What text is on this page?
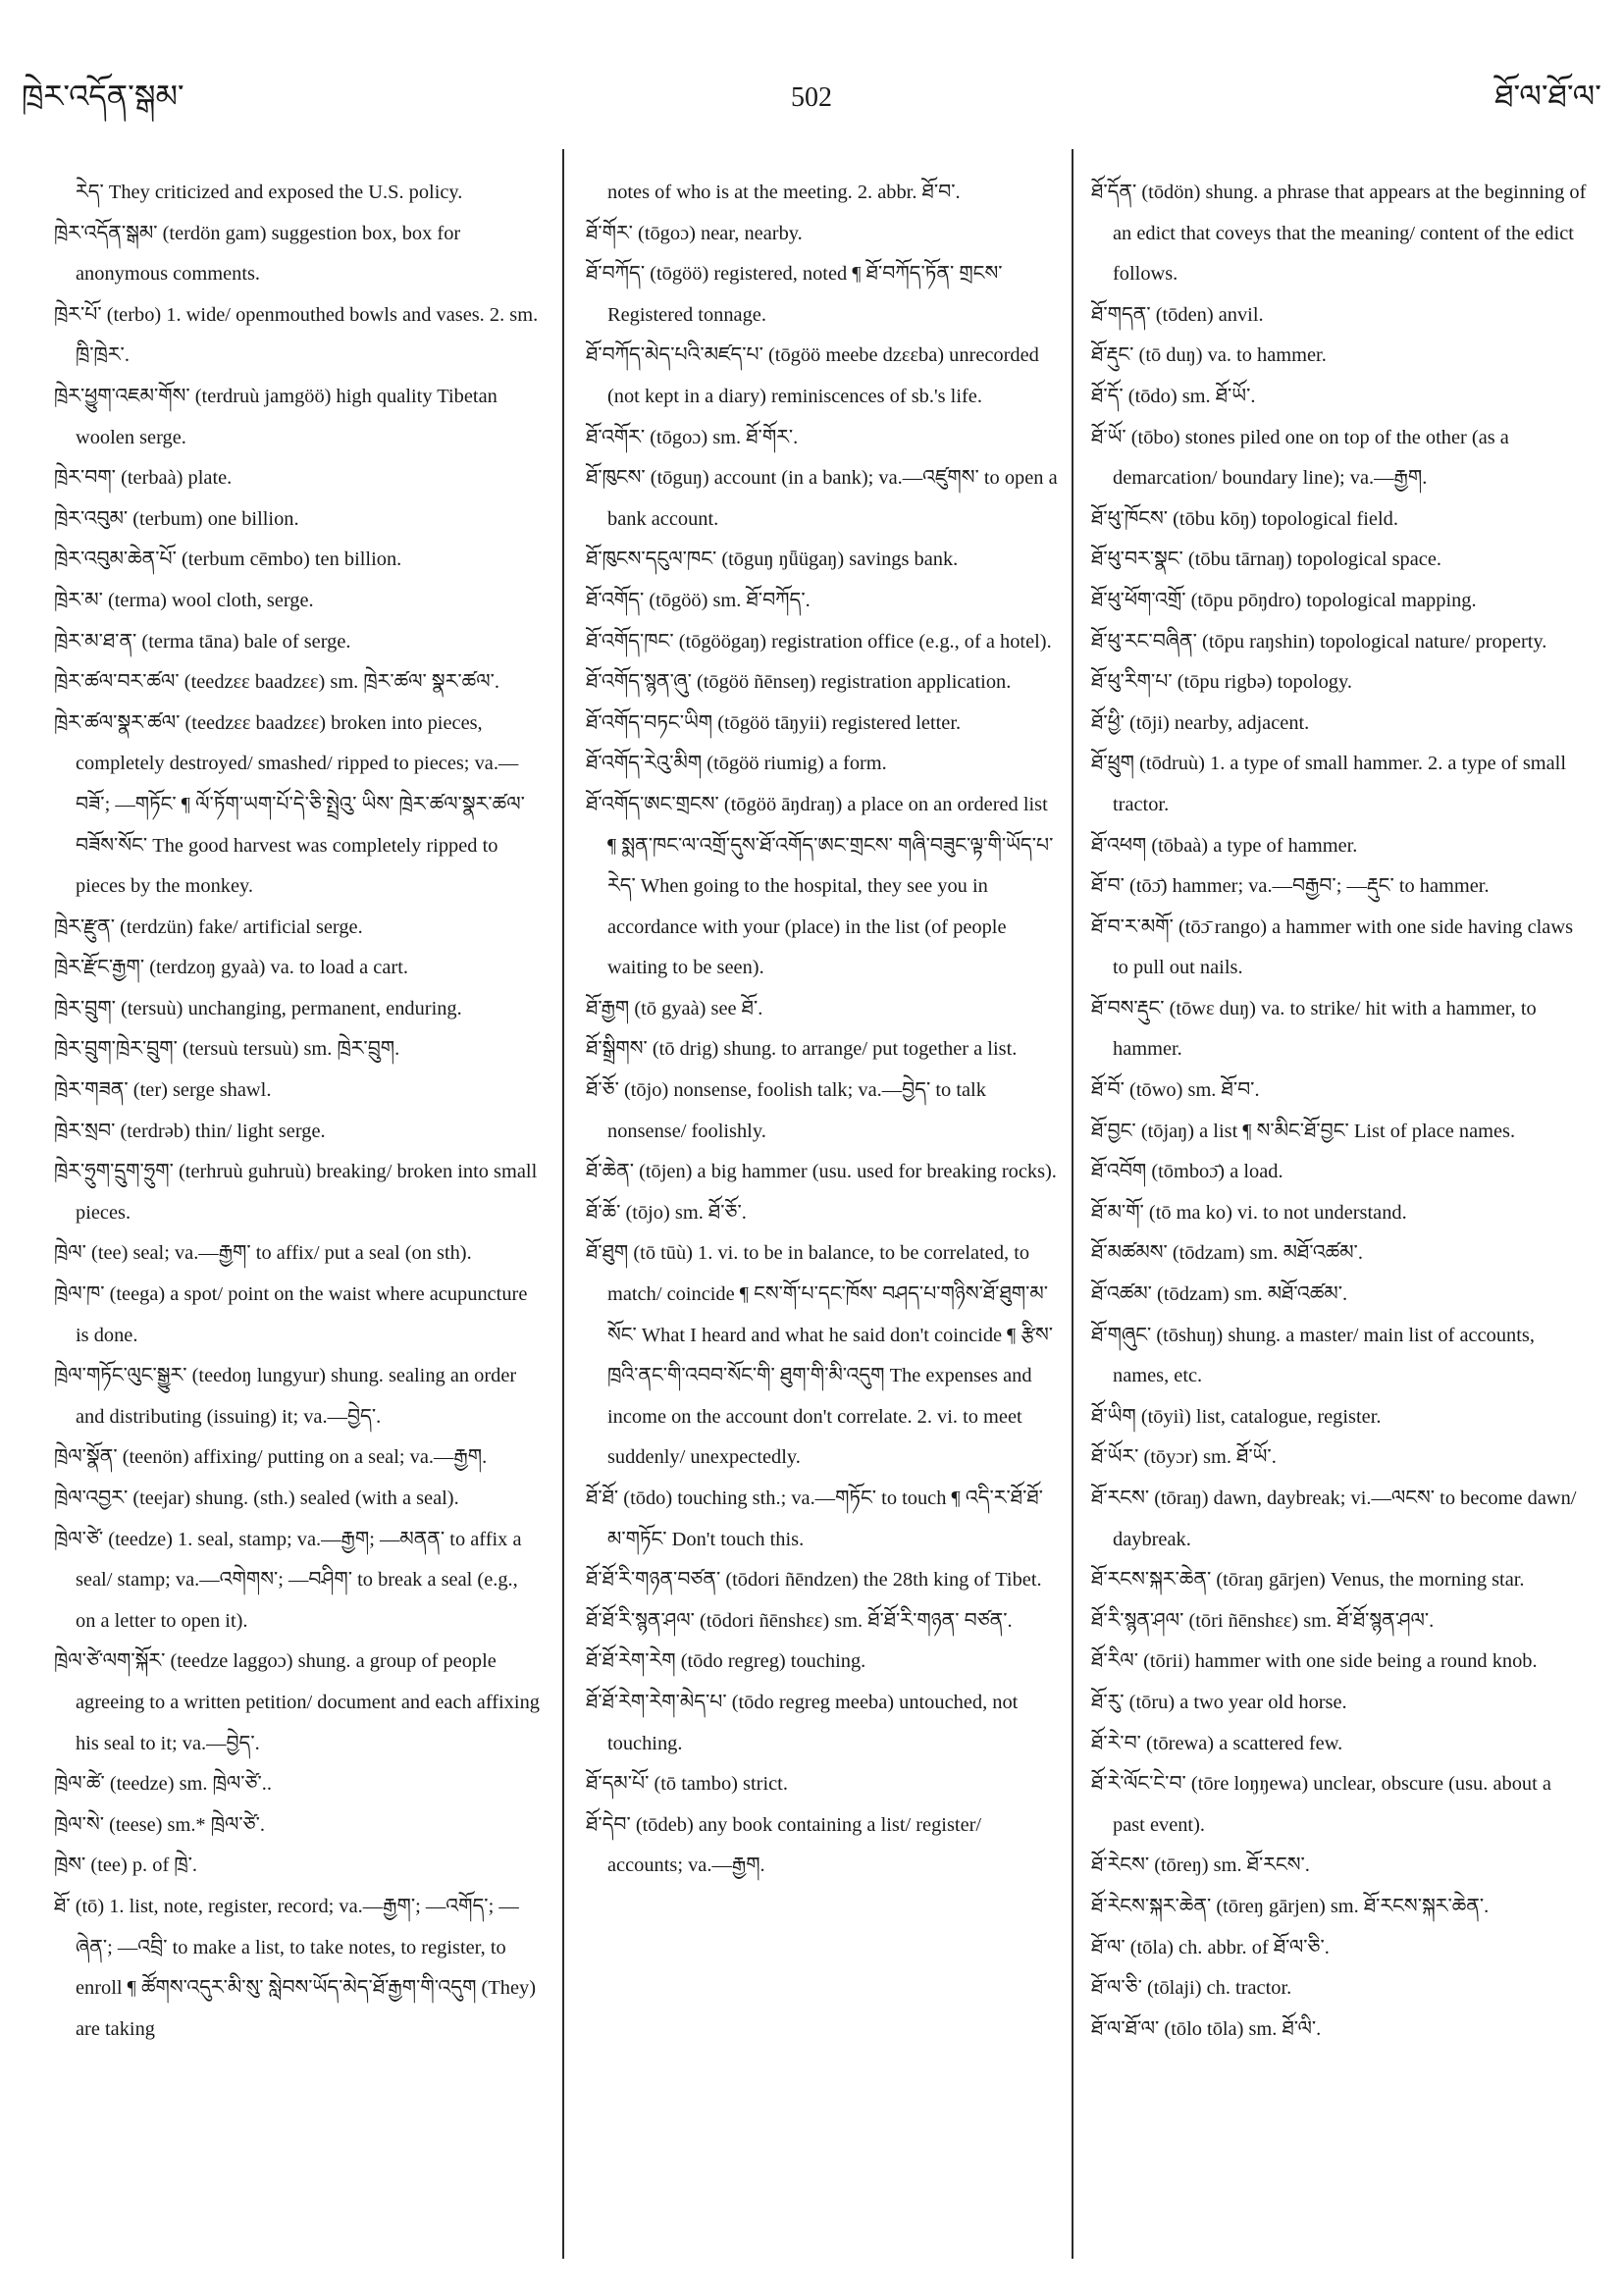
ཁྲེར་འདོན་སྒམ་	502	ཐོ་ལ་ཐོ་ལ་

རེད་ They criticized and exposed the U.S. policy.

ཁྲེར་འདོན་སྒམ་ (terdön gam) suggestion box, box for anonymous comments.

ཁྲེར་པོ་ (terbo) 1. wide/ openmouthed bowls and vases. 2. sm. ཁྲི་ཁྲེར་.

ཁྲེར་ཕྱུག་འཇམ་གོས་ (terdruù jamgöö) high quality Tibetan woolen serge.

ཁྲེར་བག་ (terbaà) plate.

ཁྲེར་འབུམ་ (terbum) one billion.

ཁྲེར་འབུམ་ཆེན་པོ་ (terbum cēmbo) ten billion.

ཁྲེར་མ་ (terma) wool cloth, serge.

ཁྲེར་མ་ཐ་ན་ (terma tāna) bale of serge.

ཁྲེར་ཚལ་བར་ཚལ་ (teedzεε baadzεε) sm. ཁྲེར་ཚལ་ སྣར་ཚལ་.

ཁྲེར་ཚལ་སྣར་ཚལ་ (teedzεε baadzεε) broken into pieces, completely destroyed/ smashed/ ripped to pieces; va.—བཟོ་; —གཏོང་ ¶ ལོ་ཏོག་ཡག་པོ་དེ་ཅི་སྤྲེའུ་ ཡིས་ ཁྲེར་ཚལ་སྣར་ཚལ་བཟོས་སོང་ The good harvest was completely ripped to pieces by the monkey.

ཁྲེར་རྫུན་ (terdzün) fake/ artificial serge.

ཁྲེར་རྫོང་རྒྱག་ (terdzoŋ gyaà) va. to load a cart.

ཁྲེར་བྲུག་ (tersuù) unchanging, permanent, enduring.

ཁྲེར་བྲུག་ཁྲེར་བྲུག་ (tersuù tersuù) sm. ཁྲེར་བྲུག.

ཁྲེར་གཟན་ (ter) serge shawl.

ཁྲེར་སྲབ་ (terdrəb) thin/ light serge.

ཁྲེར་ཧྲུག་དྲུག་ཧྲུག་ (terhruù guhruù) breaking/ broken into small pieces.

ཁྲེལ་ (tee) seal; va.—རྒྱག་ to affix/ put a seal (on sth).

ཁྲེལ་ཁ་ (teega) a spot/ point on the waist where acupuncture is done.

ཁྲེལ་གཏོང་ལུང་སྒྱུར་ (teedoŋ lungyur) shung. sealing an order and distributing (issuing) it; va.—བྱེད་.

ཁྲེལ་སྣོན་ (teenön) affixing/ putting on a seal; va.—རྒྱག.

ཁྲེལ་འབྱར་ (teejar) shung. (sth.) sealed (with a seal).

ཁྲེལ་ཙེ་ (teedze) 1. seal, stamp; va.—རྒྱག; —མནན་ to affix a seal/ stamp; va.—འགེགས་; —བཤིག་ to break a seal (e.g., on a letter to open it).

ཁྲེལ་ཙེ་ལག་སྐོར་ (teedze laggoɔ) shung. a group of people agreeing to a written petition/ document and each affixing his seal to it; va.—བྱེད་.

ཁྲེལ་ཚེ་ (teedze) sm. ཁྲེལ་ཙེ་..

ཁྲེལ་སེ་ (teese) sm.* ཁྲེལ་ཙེ་.

ཁྲེས་ (tee) p. of ཁྲེ་.

ཐོ་ (tō) 1. list, note, register, record; va.—རྒྱག་; —འགོད་; —ཞེན་; —འབྲི་ to make a list, to take notes, to register, to enroll ¶ ཚོགས་འདུར་མི་སུ་ སླེབས་ཡོད་མེད་ཐོ་རྒྱག་གི་འདུག (They) are taking

notes of who is at the meeting. 2. abbr. ཐོ་བ་.

ཐོ་གོར་ (tōgoɔ) near, nearby.

ཐོ་བཀོད་ (tōgöö) registered, noted ¶ ཐོ་བཀོད་ཏོན་ གྲངས་ Registered tonnage.

ཐོ་བཀོད་མེད་པའི་མཛད་པ་ (tōgöö meebe dzεεba) unrecorded (not kept in a diary) reminiscences of sb.'s life.

ཐོ་འགོར་ (tōgoɔ) sm. ཐོ་གོར་.

ཐོ་ཁུངས་ (tōguŋ) account (in a bank); va.—འཛུགས་ to open a bank account.

ཐོ་ཁུངས་དངུལ་ཁང་ (tōguŋ ŋǖügaŋ) savings bank.

ཐོ་འགོད་ (tōgöö) sm. ཐོ་བཀོད་.

ཐོ་འགོད་ཁང་ (tōgöögaŋ) registration office (e.g., of a hotel).

ཐོ་འགོད་སྙན་ཞུ་ (tōgöö ñēnseŋ) registration application.

ཐོ་འགོད་བཏང་ཡིག (tōgöö tāŋyii) registered letter.

ཐོ་འགོད་རེའུ་མིག (tōgöö riumig) a form.

ཐོ་འགོད་ཨང་གྲངས་ (tōgöö āŋdraŋ) a place on an ordered list ¶ སྨན་ཁང་ལ་འགྲོ་དུས་ཐོ་འགོད་ཨང་གྲངས་ གཞི་བཟུང་ལྟ་གི་ཡོད་པ་རེད་ When going to the hospital, they see you in accordance with your (place) in the list (of people waiting to be seen).

ཐོ་རྒྱག (tō gyaà) see ཐོ་.

ཐོ་སྒྲིགས་ (tō drig) shung. to arrange/ put together a list.

ཐོ་ཅོ་ (tōjo) nonsense, foolish talk; va.—བྱེད་ to talk nonsense/ foolishly.

ཐོ་ཆེན་ (tōjen) a big hammer (usu. used for breaking rocks).

ཐོ་ཆོ་ (tōjo) sm. ཐོ་ཅོ་.

ཐོ་ཐུག (tō tūù) 1. vi. to be in balance, to be correlated, to match/ coincide ¶ ངས་གོ་པ་དང་ཁོས་ བཤད་པ་གཉིས་ཐོ་ཐུག་མ་སོང་ What I heard and what he said don't coincide ¶ རྩིས་ཁྲའི་ནང་གི་འབབ་སོང་གི་ ཐུག་གི་མི་འདུག The expenses and income on the account don't correlate. 2. vi. to meet suddenly/ unexpectedly.

ཐོ་ཐོ་ (tōdo) touching sth.; va.—གཏོང་ to touch ¶ འདི་ར་ཐོ་ཐོ་མ་གཏོང་ Don't touch this.

ཐོ་ཐོ་རི་གཉན་བཙན་ (tōdori ñēndzen) the 28th king of Tibet.

ཐོ་ཐོ་རི་སྙན་ཤལ་ (tōdori ñēnshεε) sm. ཐོ་ཐོ་རི་གཉན་ བཙན་.

ཐོ་ཐོ་རེག་རེག (tōdo regreg) touching.

ཐོ་ཐོ་རེག་རེག་མེད་པ་ (tōdo regreg meeba) untouched, not touching.

ཐོ་དམ་པོ་ (tō tambo) strict.

ཐོ་དེབ་ (tōdeb) any book containing a list/ register/ accounts; va.—རྒྱག.

ཐོ་དོན་ (tōdön) shung. a phrase that appears at the beginning of an edict that coveys that the meaning/ content of the edict follows.

ཐོ་གདན་ (tōden) anvil.

ཐོ་རྡུང་ (tō duŋ) va. to hammer.

ཐོ་དོ་ (tōdo) sm. ཐོ་ཡོ་.

ཐོ་ཡོ་ (tōbo) stones piled one on top of the other (as a demarcation/ boundary line); va.—རྒྱག.

ཐོ་ཕུ་ཁོངས་ (tōbu kōŋ) topological field.

ཐོ་ཕུ་བར་སྣང་ (tōbu tārnaŋ) topological space.

ཐོ་ཕུ་ཕོག་འགྲོ་ (tōpu pōŋdro) topological mapping.

ཐོ་ཕུ་རང་བཞིན་ (tōpu raŋshin) topological nature/ property.

ཐོ་ཕུ་རིག་པ་ (tōpu rigbə) topology.

ཐོ་ཕྱི་ (tōji) nearby, adjacent.

ཐོ་ཕྲུག (tōdruù) 1. a type of small hammer. 2. a type of small tractor.

ཐོ་འཕག (tōbaà) a type of hammer.

ཐོ་བ་ (tōɔ̄) hammer; va.—བརྒྱབ་; —རྡུང་ to hammer.

ཐོ་བ་ར་མགོ་ (tōɔ̄ rango) a hammer with one side having claws to pull out nails.

ཐོ་བས་རྡུང་ (tōwε duŋ) va. to strike/ hit with a hammer, to hammer.

ཐོ་བོ་ (tōwo) sm. ཐོ་བ་.

ཐོ་བྱང་ (tōjaŋ) a list ¶ ས་མིང་ཐོ་བྱང་ List of place names.

ཐོ་འབོག (tōmboɔ̄) a load.

ཐོ་མ་གོ་ (tō ma ko) vi. to not understand.

ཐོ་མཚམས་ (tōdzam) sm. མཐོ་འཚམ་.

ཐོ་འཚམ་ (tōdzam) sm. མཐོ་འཚམ་.

ཐོ་གཞུང་ (tōshuŋ) shung. a master/ main list of accounts, names, etc.

ཐོ་ཡིག (tōyiì) list, catalogue, register.

ཐོ་ཡོར་ (tōyɔr) sm. ཐོ་ཡོ་.

ཐོ་རངས་ (tōraŋ) dawn, daybreak; vi.—ལངས་ to become dawn/ daybreak.

ཐོ་རངས་སྐར་ཆེན་ (tōraŋ gārjen) Venus, the morning star.

ཐོ་རི་སྙན་ཤལ་ (tōri ñēnshεε) sm. ཐོ་ཐོ་སྙན་ཤལ་.

ཐོ་རིལ་ (tōrii) hammer with one side being a round knob.

ཐོ་རུ་ (tōru) a two year old horse.

ཐོ་རེ་བ་ (tōrewa) a scattered few.

ཐོ་རེ་ལོང་ངེ་བ་ (tōre loŋŋewa) unclear, obscure (usu. about a past event).

ཐོ་རེངས་ (tōreŋ) sm. ཐོ་རངས་.

ཐོ་རེངས་སྐར་ཆེན་ (tōreŋ gārjen) sm. ཐོ་རངས་སྐར་ཆེན་.

ཐོ་ལ་ (tōla) ch. abbr. of ཐོ་ལ་ཅི་.

ཐོ་ལ་ཅི་ (tōlaji) ch. tractor.

ཐོ་ལ་ཐོ་ལ་ (tōlo tōla) sm. ཐོ་ལི་.
